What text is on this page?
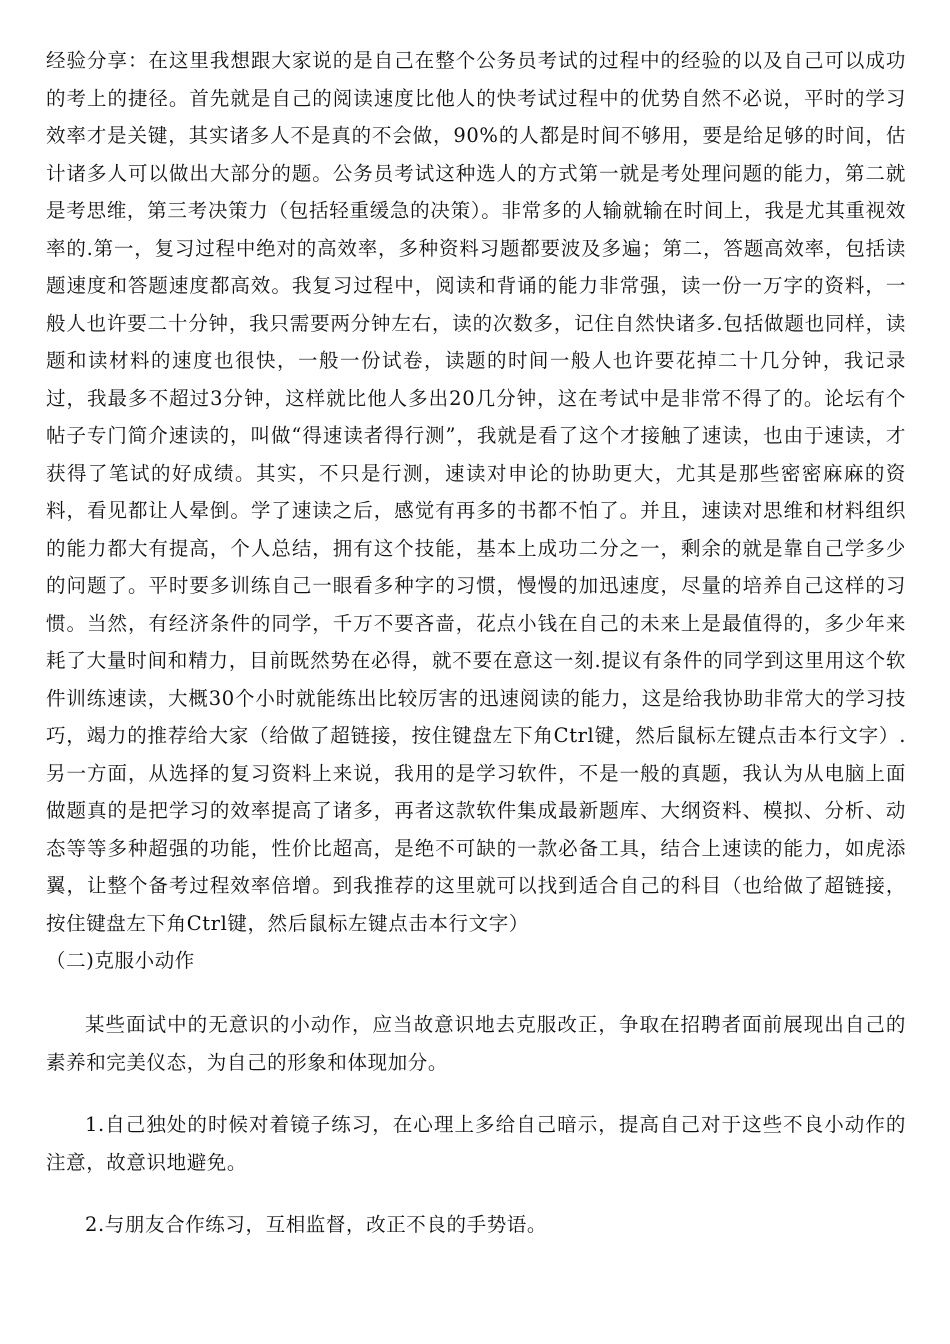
经验分享：在这里我想跟大家说的是自己在整个公务员考试的过程中的经验的以及自己可以成功的考上的捷径。首先就是自己的阅读速度比他人的快考试过程中的优势自然不必说，平时的学习效率才是关键，其实诸多人不是真的不会做，90%的人都是时间不够用，要是给足够的时间，估计诸多人可以做出大部分的题。公务员考试这种选人的方式第一就是考处理问题的能力，第二就是考思维，第三考决策力（包括轻重缓急的决策）。非常多的人输就输在时间上，我是尤其重视效率的.第一，复习过程中绝对的高效率，多种资料习题都要波及多遍；第二，答题高效率，包括读题速度和答题速度都高效。我复习过程中，阅读和背诵的能力非常强，读一份一万字的资料，一般人也许要二十分钟，我只需要两分钟左右，读的次数多，记住自然快诸多.包括做题也同样，读题和读材料的速度也很快，一般一份试卷，读题的时间一般人也许要花掉二十几分钟，我记录过，我最多不超过3分钟，这样就比他人多出20几分钟，这在考试中是非常不得了的。论坛有个帖子专门简介速读的，叫做“得速读者得行测”，我就是看了这个才接触了速读，也由于速读，才获得了笔试的好成绩。其实，不只是行测，速读对申论的协助更大，尤其是那些密密麻麻的资料，看见都让人晕倒。学了速读之后，感觉有再多的书都不怕了。并且，速读对思维和材料组织的能力都大有提高，个人总结，拥有这个技能，基本上成功二分之一，剩余的就是靠自己学多少的问题了。平时要多训练自己一眼看多种字的习惯，慢慢的加迅速度，尽量的培养自己这样的习惯。当然，有经济条件的同学，千万不要吝啬，花点小钱在自己的未来上是最值得的，多少年来耗了大量时间和精力，目前既然势在必得，就不要在意这一刻.提议有条件的同学到这里用这个软件训练速读，大概30个小时就能练出比较厉害的迅速阅读的能力，这是给我协助非常大的学习技巧，竭力的推荐给大家（给做了超链接，按住键盘左下角Ctrl键，然后鼠标左键点击本行文字）.另一方面，从选择的复习资料上来说，我用的是学习软件，不是一般的真题，我认为从电脑上面做题真的是把学习的效率提高了诸多，再者这款软件集成最新题库、大纲资料、模拟、分析、动态等等多种超强的功能，性价比超高，是绝不可缺的一款必备工具，结合上速读的能力，如虎添翼，让整个备考过程效率倍增。到我推荐的这里就可以找到适合自己的科目（也给做了超链接，按住键盘左下角Ctrl键，然后鼠标左键点击本行文字）

（二)克服小动作

某些面试中的无意识的小动作，应当故意识地去克服改正，争取在招聘者面前展现出自己的素养和完美仪态，为自己的形象和体现加分。

1.自己独处的时候对着镜子练习，在心理上多给自己暗示，提高自己对于这些不良小动作的注意，故意识地避免。

2.与朋友合作练习，互相监督，改正不良的手势语。
